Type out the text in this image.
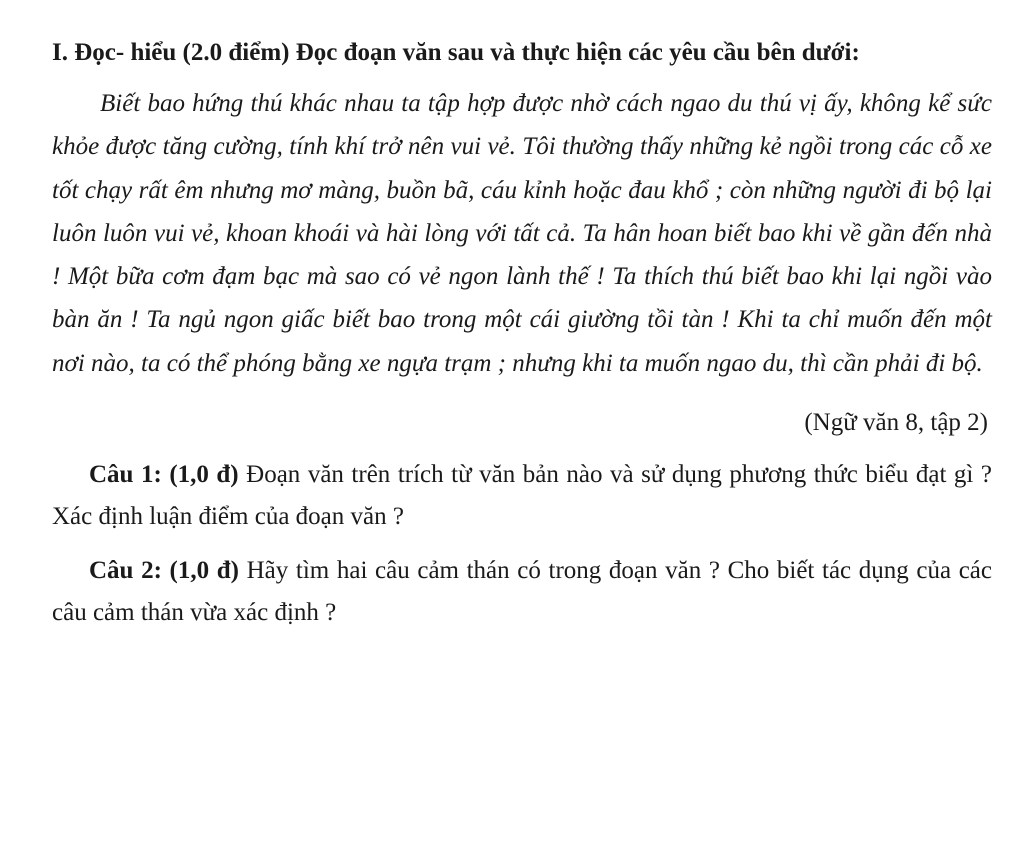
I. Đọc- hiểu (2.0 điểm) Đọc đoạn văn sau và thực hiện các yêu cầu bên dưới:

Biết bao hứng thú khác nhau ta tập hợp được nhờ cách ngao du thú vị ấy, không kể sức khỏe được tăng cường, tính khí trở nên vui vẻ. Tôi thường thấy những kẻ ngồi trong các cỗ xe tốt chạy rất êm nhưng mơ màng, buồn bã, cáu kỉnh hoặc đau khổ ; còn những người đi bộ lại luôn luôn vui vẻ, khoan khoái và hài lòng với tất cả. Ta hân hoan biết bao khi về gần đến nhà ! Một bữa cơm đạm bạc mà sao có vẻ ngon lành thế ! Ta thích thú biết bao khi lại ngồi vào bàn ăn ! Ta ngủ ngon giấc biết bao trong một cái giường tồi tàn ! Khi ta chỉ muốn đến một nơi nào, ta có thể phóng bằng xe ngựa trạm ; nhưng khi ta muốn ngao du, thì cần phải đi bộ.

(Ngữ văn 8, tập 2)

Câu 1: (1,0 đ) Đoạn văn trên trích từ văn bản nào và sử dụng phương thức biểu đạt gì ? Xác định luận điểm của đoạn văn ?

Câu 2: (1,0 đ) Hãy tìm hai câu cảm thán có trong đoạn văn ? Cho biết tác dụng của các câu cảm thán vừa xác định ?
